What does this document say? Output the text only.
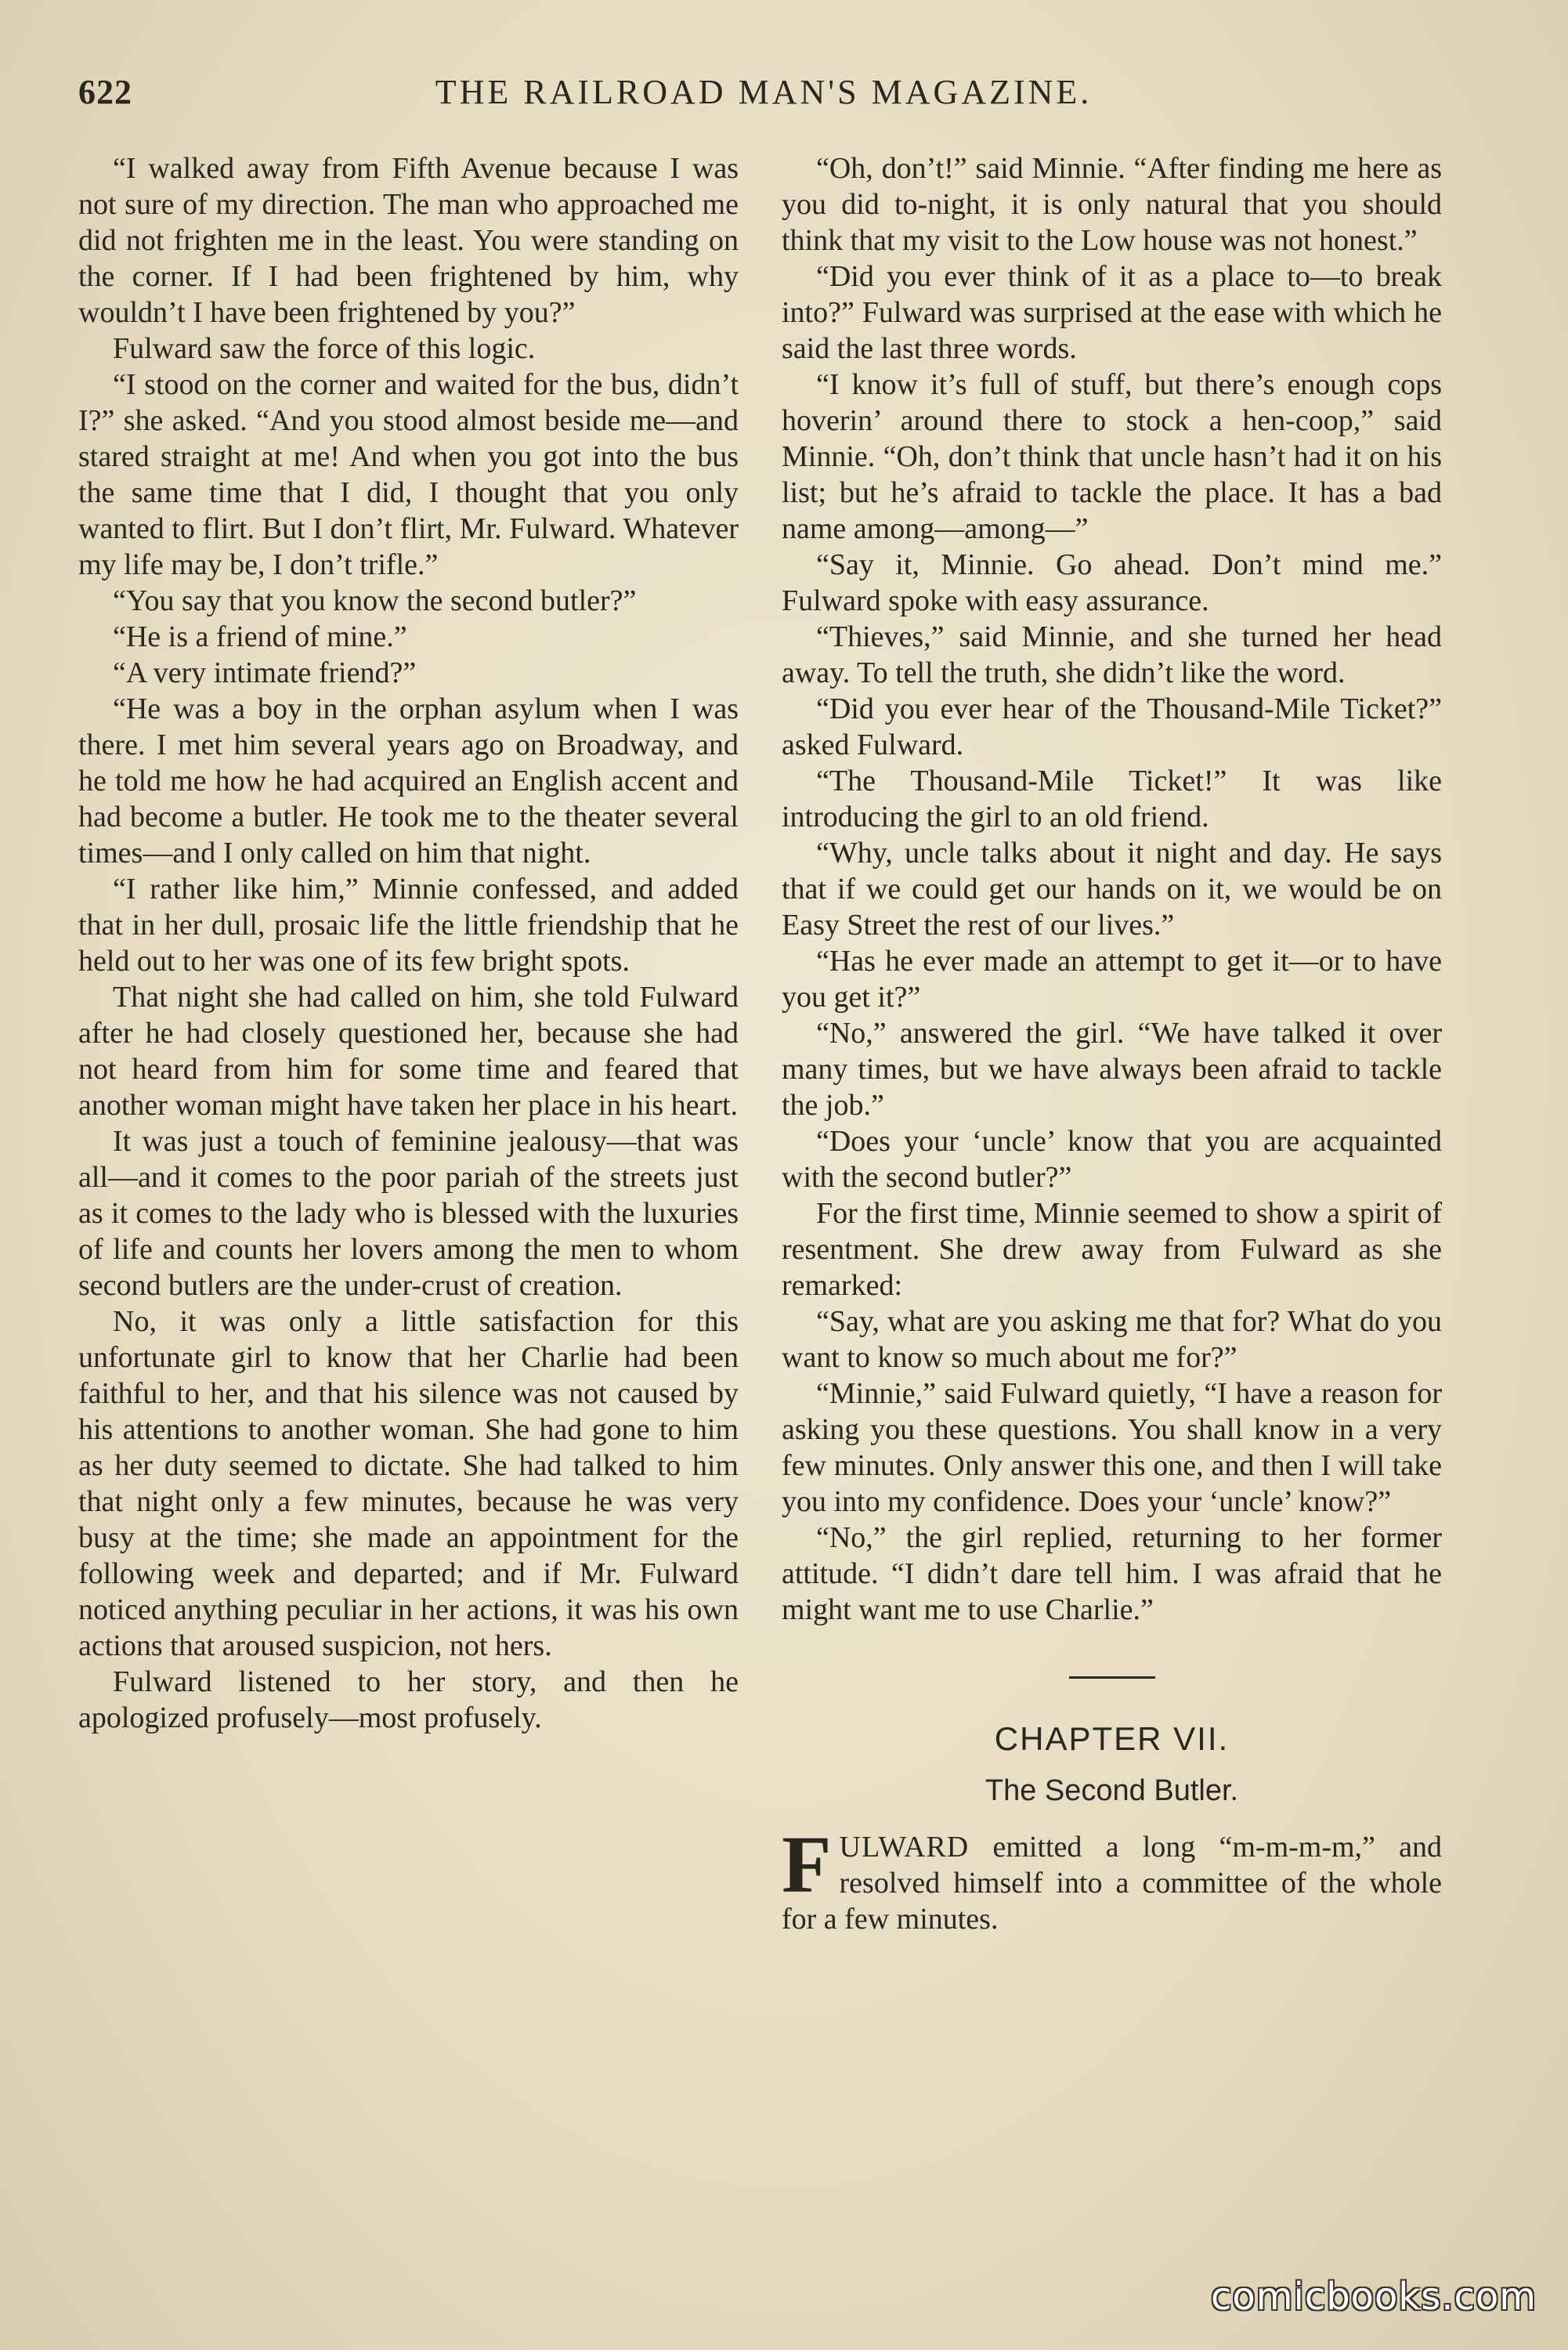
622	THE RAILROAD MAN'S MAGAZINE.

“I walked away from Fifth Avenue because I was not sure of my direction. The man who approached me did not frighten me in the least. You were standing on the corner. If I had been frightened by him, why wouldn’t I have been frightened by you?”

Fulward saw the force of this logic.

“I stood on the corner and waited for the bus, didn’t I?” she asked. “And you stood almost beside me—and stared straight at me! And when you got into the bus the same time that I did, I thought that you only wanted to flirt. But I don’t flirt, Mr. Fulward. Whatever my life may be, I don’t trifle.”

“You say that you know the second butler?”

“He is a friend of mine.”

“A very intimate friend?”

“He was a boy in the orphan asylum when I was there. I met him several years ago on Broadway, and he told me how he had acquired an English accent and had become a butler. He took me to the theater several times—and I only called on him that night.

“I rather like him,” Minnie confessed, and added that in her dull, prosaic life the little friendship that he held out to her was one of its few bright spots.

That night she had called on him, she told Fulward after he had closely questioned her, because she had not heard from him for some time and feared that another woman might have taken her place in his heart.

It was just a touch of feminine jealousy—that was all—and it comes to the poor pariah of the streets just as it comes to the lady who is blessed with the luxuries of life and counts her lovers among the men to whom second butlers are the under-crust of creation.

No, it was only a little satisfaction for this unfortunate girl to know that her Charlie had been faithful to her, and that his silence was not caused by his attentions to another woman. She had gone to him as her duty seemed to dictate. She had talked to him that night only a few minutes, because he was very busy at the time; she made an appointment for the following week and departed; and if Mr. Fulward noticed anything peculiar in her actions, it was his own actions that aroused suspicion, not hers.

Fulward listened to her story, and then he apologized profusely—most profusely.

“Oh, don’t!” said Minnie. “After finding me here as you did to-night, it is only natural that you should think that my visit to the Low house was not honest.”

“Did you ever think of it as a place to—to break into?” Fulward was surprised at the ease with which he said the last three words.

“I know it’s full of stuff, but there’s enough cops hoverin’ around there to stock a hen-coop,” said Minnie. “Oh, don’t think that uncle hasn’t had it on his list; but he’s afraid to tackle the place. It has a bad name among—among—”

“Say it, Minnie. Go ahead. Don’t mind me.” Fulward spoke with easy assurance.

“Thieves,” said Minnie, and she turned her head away. To tell the truth, she didn’t like the word.

“Did you ever hear of the Thousand-Mile Ticket?” asked Fulward.

“The Thousand-Mile Ticket!” It was like introducing the girl to an old friend.

“Why, uncle talks about it night and day. He says that if we could get our hands on it, we would be on Easy Street the rest of our lives.”

“Has he ever made an attempt to get it—or to have you get it?”

“No,” answered the girl. “We have talked it over many times, but we have always been afraid to tackle the job.”

“Does your ‘uncle’ know that you are acquainted with the second butler?”

For the first time, Minnie seemed to show a spirit of resentment. She drew away from Fulward as she remarked:

“Say, what are you asking me that for? What do you want to know so much about me for?”

“Minnie,” said Fulward quietly, “I have a reason for asking you these questions. You shall know in a very few minutes. Only answer this one, and then I will take you into my confidence. Does your ‘uncle’ know?”

“No,” the girl replied, returning to her former attitude. “I didn’t dare tell him. I was afraid that he might want me to use Charlie.”

CHAPTER VII.
The Second Butler.

FULWARD emitted a long “m-m-m-m,” and resolved himself into a committee of the whole for a few minutes.

comicbooks.com
